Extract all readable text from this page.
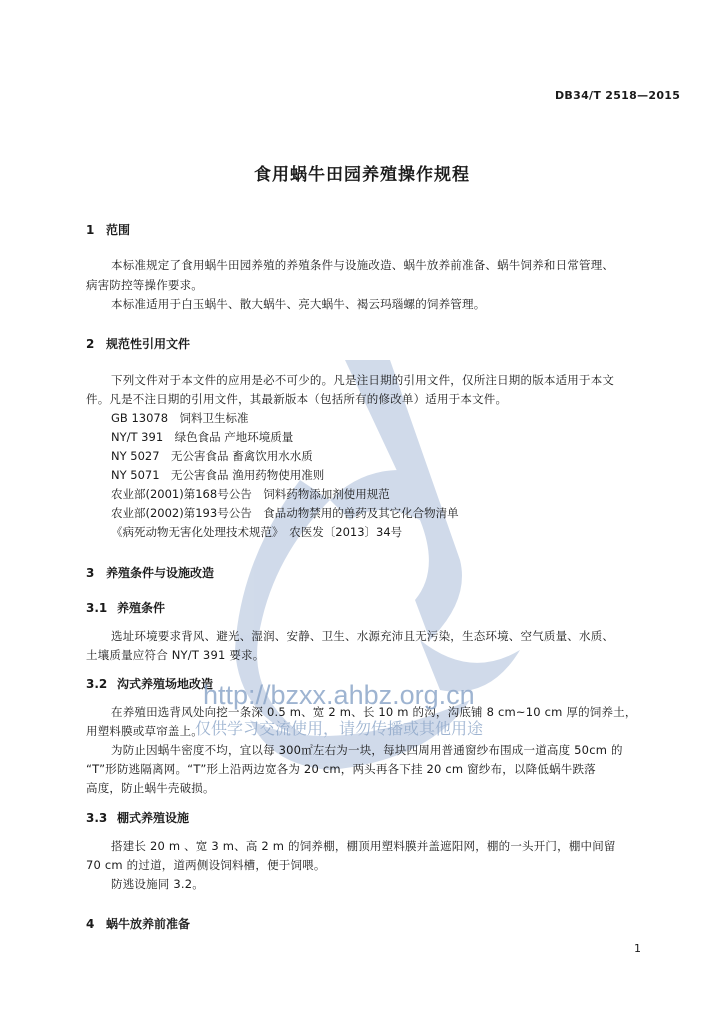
DB34/T 2518—2015
食用蜗牛田园养殖操作规程
1 范围
本标准规定了食用蜗牛田园养殖的养殖条件与设施改造、蜗牛放养前准备、蜗牛饲养和日常管理、
病害防控等操作要求。
本标准适用于白玉蜗牛、散大蜗牛、亮大蜗牛、褐云玛瑙螺的饲养管理。
2 规范性引用文件
下列文件对于本文件的应用是必不可少的。凡是注日期的引用文件，仅所注日期的版本适用于本文
件。凡是不注日期的引用文件，其最新版本（包括所有的修改单）适用于本文件。
GB 13078　饲料卫生标准
NY/T 391　绿色食品 产地环境质量
NY 5027　无公害食品 畜禽饮用水水质
NY 5071　无公害食品 渔用药物使用准则
农业部(2001)第168号公告　饲料药物添加剂使用规范
农业部(2002)第193号公告　食品动物禁用的兽药及其它化合物清单
《病死动物无害化处理技术规范》　农医发〔2013〕34号
3 养殖条件与设施改造
3.1 养殖条件
选址环境要求背风、避光、湿润、安静、卫生、水源充沛且无污染，生态环境、空气质量、水质、
土壤质量应符合 NY/T 391 要求。
3.2 沟式养殖场地改造
在养殖田选背风处向挖一条深 0.5 m、宽 2 m、长 10 m 的沟，沟底铺 8 cm~10 cm 厚的饲养土，
用塑料膜或草帘盖上。
为防止因蜗牛密度不均，宜以每 300㎡左右为一块，每块四周用普通窗纱布围成一道高度 50cm 的
“T”形防逃隔离网。“T”形上沿两边宽各为 20 cm，两头再各下挂 20 cm 窗纱布，以降低蜗牛跌落
高度，防止蜗牛壳破损。
3.3 棚式养殖设施
搭建长 20 m 、宽 3 m、高 2 m 的饲养棚，棚顶用塑料膜并盖遮阳网，棚的一头开门，棚中间留
70 cm 的过道，道两侧设饲料槽，便于饲喂。
防逃设施同 3.2。
4 蜗牛放养前准备
http://bzxx.ahbz.org.cn
仅供学习交流使用，请勿传播或其他用途
1
